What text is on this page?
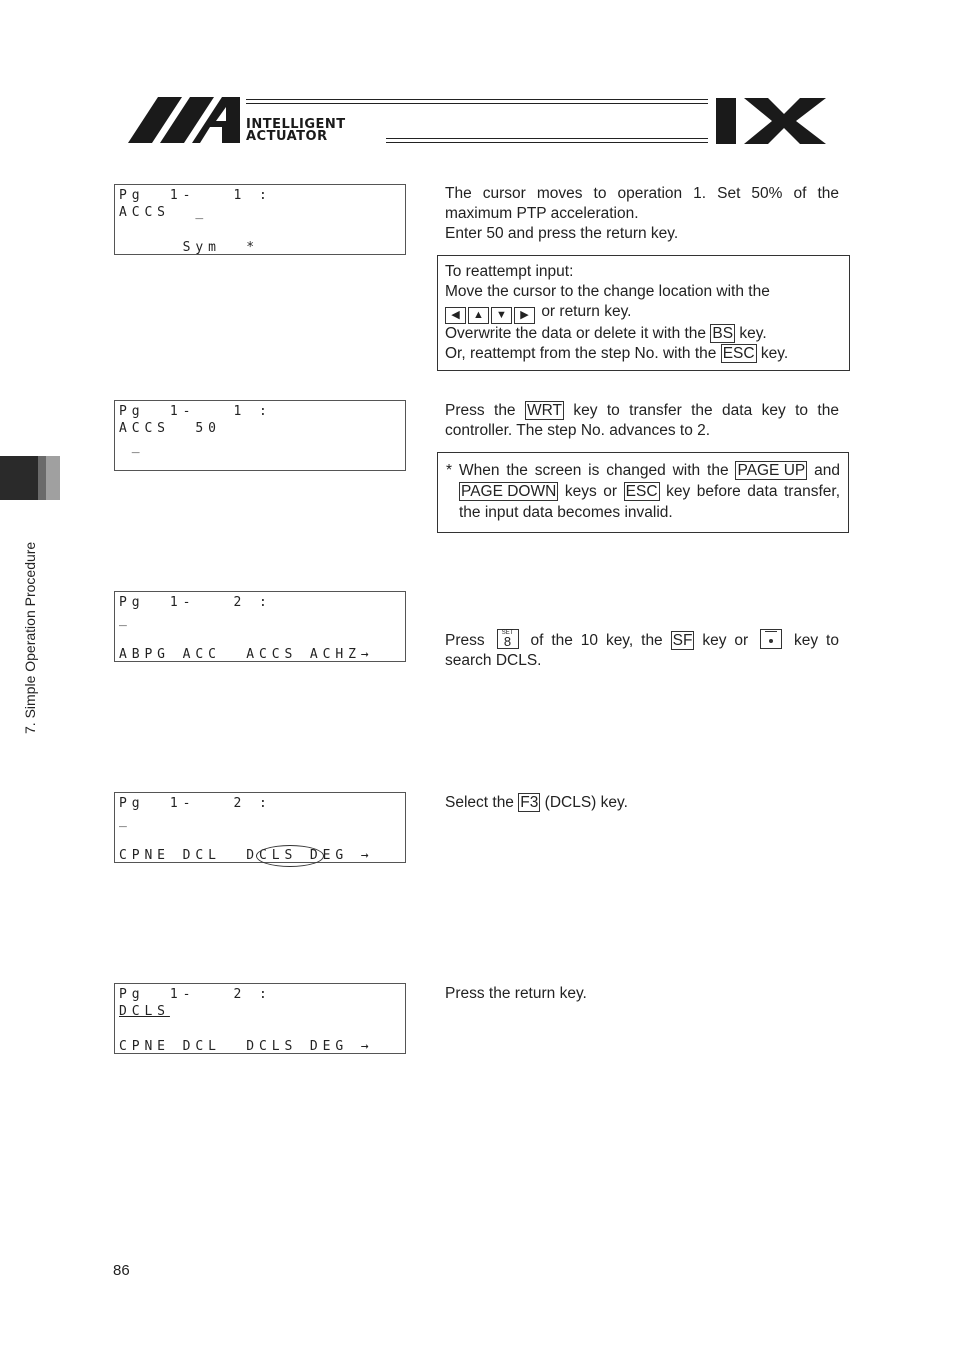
INTELLIGENT
ACTUATOR
7. Simple Operation Procedure
Pg  1-   1 :
ACCS  _
Sym  *
The cursor moves to operation 1. Set 50% of the maximum PTP acceleration.
Enter 50 and press the return key.
To reattempt input:
Move the cursor to the change location with the
◀ ▲ ▼ ▶ or return key.
Overwrite the data or delete it with the BS key.
Or, reattempt from the step No. with the ESC key.
Pg  1-   1 :
ACCS  50
_
Press the WRT key to transfer the data key to the controller. The step No. advances to 2.
* When the screen is changed with the PAGE UP and PAGE DOWN keys or ESC key before data transfer, the input data becomes invalid.
Pg  1-   2 :
_
ABPG ACC  ACCS ACHZ→
Press	SET
8	of the 10 key, the SF key or	key to search DCLS.
Pg  1-   2 :
_
CPNE DCL  DCLS DEG →
Select the F3 (DCLS) key.
Pg  1-   2 :
DCLS
CPNE DCL  DCLS DEG →
Press the return key.
86
